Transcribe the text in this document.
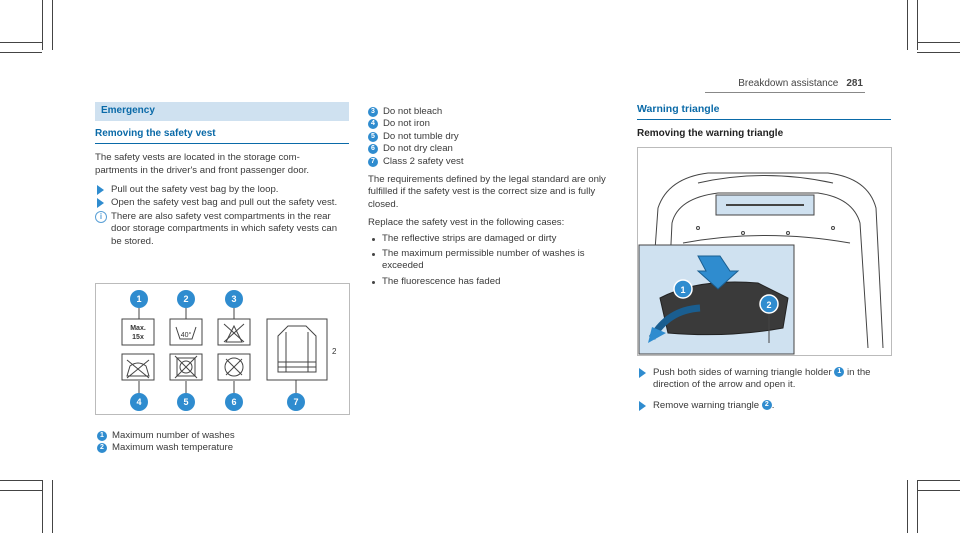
Breakdown assistance 281
Emergency
Removing the safety vest

The safety vests are located in the storage com-partments in the driver's and front passenger door.

Pull out the safety vest bag by the loop.
Open the safety vest bag and pull out the safety vest.
i There are also safety vest compartments in the rear door storage compartments in which safety vests can be stored.
Max.
15x	40°
2
1	2	3
4	5	6	7
1 Maximum number of washes
2 Maximum wash temperature
3 Do not bleach
4 Do not iron
5 Do not tumble dry
6 Do not dry clean
7 Class 2 safety vest

The requirements defined by the legal standard are only fulfilled if the safety vest is the correct size and is fully closed.

Replace the safety vest in the following cases:

The reflective strips are damaged or dirty
The maximum permissible number of washes is exceeded
The fluorescence has faded
Warning triangle
Removing the warning triangle
1
2
Push both sides of warning triangle holder 1 in the direction of the arrow and open it.
Remove warning triangle 2 .
